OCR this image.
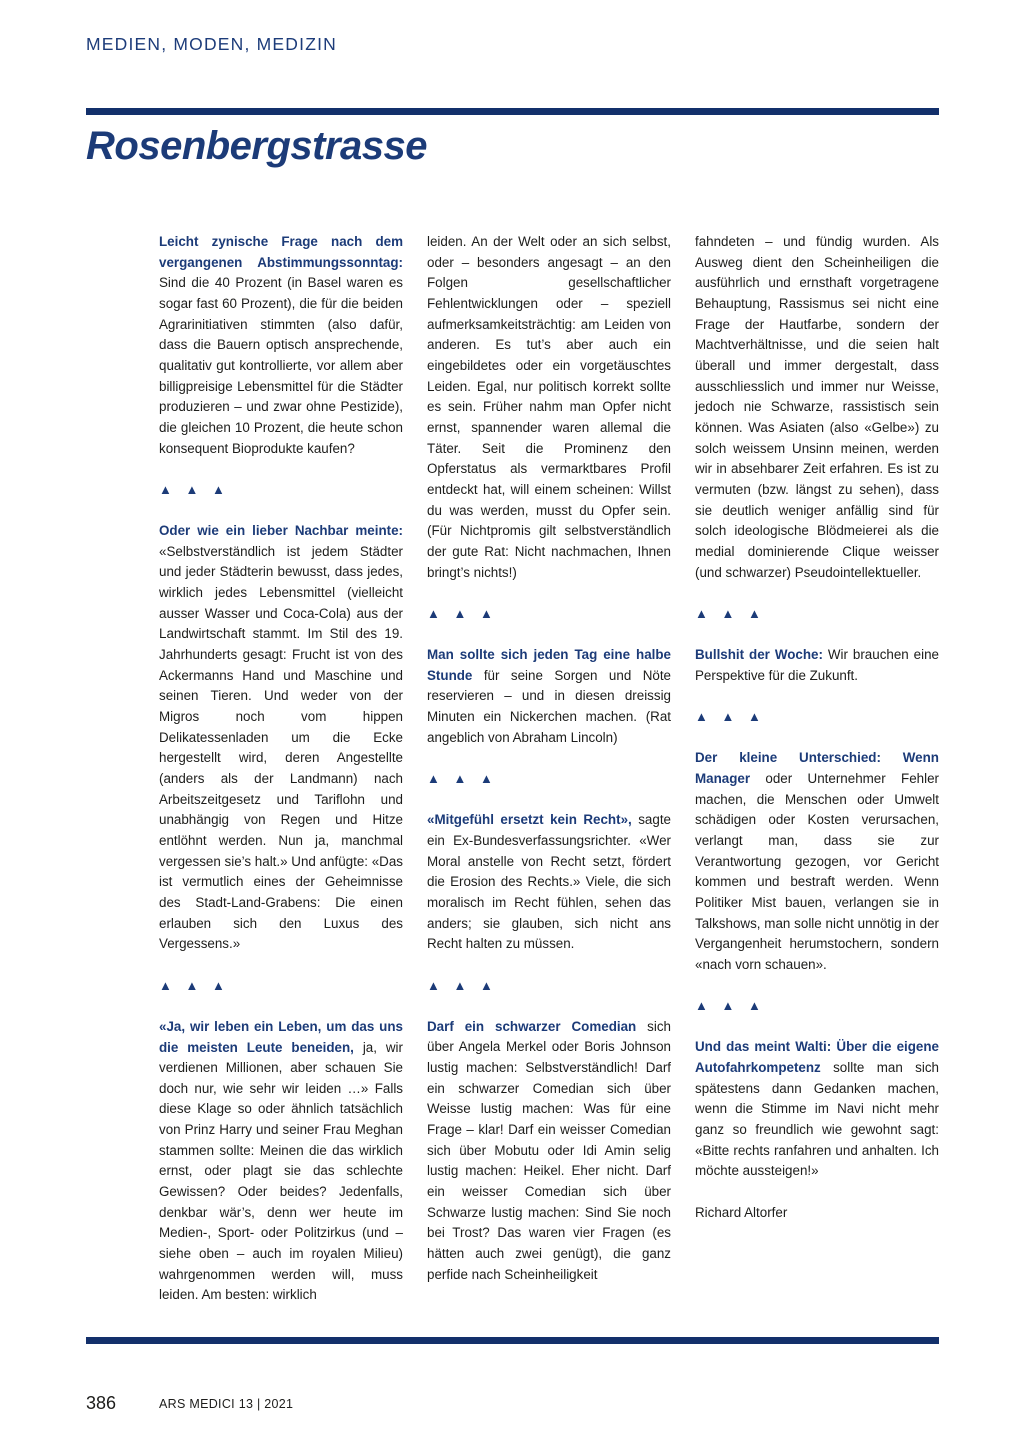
MEDIEN, MODEN, MEDIZIN
Rosenbergstrasse

Leicht zynische Frage nach dem vergangenen Abstimmungssonntag: Sind die 40 Prozent (in Basel waren es sogar fast 60 Prozent), die für die beiden Agrarinitiativen stimmten (also dafür, dass die Bauern optisch ansprechende, qualitativ gut kontrollierte, vor allem aber billigpreisige Lebensmittel für die Städter produzieren – und zwar ohne Pestizide), die gleichen 10 Prozent, die heute schon konsequent Bioprodukte kaufen?

▲ ▲ ▲

Oder wie ein lieber Nachbar meinte: «Selbstverständlich ist jedem Städter und jeder Städterin bewusst, dass jedes, wirklich jedes Lebensmittel (vielleicht ausser Wasser und Coca-Cola) aus der Landwirtschaft stammt. Im Stil des 19. Jahrhunderts gesagt: Frucht ist von des Ackermanns Hand und Maschine und seinen Tieren. Und weder von der Migros noch vom hippen Delikatessenladen um die Ecke hergestellt wird, deren Angestellte (anders als der Landmann) nach Arbeitszeitgesetz und Tariflohn und unabhängig von Regen und Hitze entlöhnt werden. Nun ja, manchmal vergessen sie’s halt.» Und anfügte: «Das ist vermutlich eines der Geheimnisse des Stadt-Land-Grabens: Die einen erlauben sich den Luxus des Vergessens.»

▲ ▲ ▲

«Ja, wir leben ein Leben, um das uns die meisten Leute beneiden, ja, wir verdienen Millionen, aber schauen Sie doch nur, wie sehr wir leiden …» Falls diese Klage so oder ähnlich tatsächlich von Prinz Harry und seiner Frau Meghan stammen sollte: Meinen die das wirklich ernst, oder plagt sie das schlechte Gewissen? Oder beides? Jedenfalls, denkbar wär’s, denn wer heute im Medien-, Sport- oder Politzirkus (und – siehe oben – auch im royalen Milieu) wahrgenommen werden will, muss leiden. Am besten: wirklich

leiden. An der Welt oder an sich selbst, oder – besonders angesagt – an den Folgen gesellschaftlicher Fehlentwicklungen oder – speziell aufmerksamkeitsträchtig: am Leiden von anderen. Es tut’s aber auch ein eingebildetes oder ein vorgetäuschtes Leiden. Egal, nur politisch korrekt sollte es sein. Früher nahm man Opfer nicht ernst, spannender waren allemal die Täter. Seit die Prominenz den Opferstatus als vermarktbares Profil entdeckt hat, will einem scheinen: Willst du was werden, musst du Opfer sein. (Für Nichtpromis gilt selbstverständlich der gute Rat: Nicht nachmachen, Ihnen bringt’s nichts!)

▲ ▲ ▲

Man sollte sich jeden Tag eine halbe Stunde für seine Sorgen und Nöte reservieren – und in diesen dreissig Minuten ein Nickerchen machen. (Rat angeblich von Abraham Lincoln)

▲ ▲ ▲

«Mitgefühl ersetzt kein Recht», sagte ein Ex-Bundesverfassungsrichter. «Wer Moral anstelle von Recht setzt, fördert die Erosion des Rechts.» Viele, die sich moralisch im Recht fühlen, sehen das anders; sie glauben, sich nicht ans Recht halten zu müssen.

▲ ▲ ▲

Darf ein schwarzer Comedian sich über Angela Merkel oder Boris Johnson lustig machen: Selbstverständlich! Darf ein schwarzer Comedian sich über Weisse lustig machen: Was für eine Frage – klar! Darf ein weisser Comedian sich über Mobutu oder Idi Amin selig lustig machen: Heikel. Eher nicht. Darf ein weisser Comedian sich über Schwarze lustig machen: Sind Sie noch bei Trost? Das waren vier Fragen (es hätten auch zwei genügt), die ganz perfide nach Scheinheiligkeit

fahndeten – und fündig wurden. Als Ausweg dient den Scheinheiligen die ausführlich und ernsthaft vorgetragene Behauptung, Rassismus sei nicht eine Frage der Hautfarbe, sondern der Machtverhältnisse, und die seien halt überall und immer dergestalt, dass ausschliesslich und immer nur Weisse, jedoch nie Schwarze, rassistisch sein können. Was Asiaten (also «Gelbe») zu solch weissem Unsinn meinen, werden wir in absehbarer Zeit erfahren. Es ist zu vermuten (bzw. längst zu sehen), dass sie deutlich weniger anfällig sind für solch ideologische Blödmeierei als die medial dominierende Clique weisser (und schwarzer) Pseudointellektueller.

▲ ▲ ▲

Bullshit der Woche: Wir brauchen eine Perspektive für die Zukunft.

▲ ▲ ▲

Der kleine Unterschied: Wenn Manager oder Unternehmer Fehler machen, die Menschen oder Umwelt schädigen oder Kosten verursachen, verlangt man, dass sie zur Verantwortung gezogen, vor Gericht kommen und bestraft werden. Wenn Politiker Mist bauen, verlangen sie in Talkshows, man solle nicht unnötig in der Vergangenheit herumstochern, sondern «nach vorn schauen».

▲ ▲ ▲

Und das meint Walti: Über die eigene Autofahrkompetenz sollte man sich spätestens dann Gedanken machen, wenn die Stimme im Navi nicht mehr ganz so freundlich wie gewohnt sagt: «Bitte rechts ranfahren und anhalten. Ich möchte aussteigen!»

Richard Altorfer

386	ARS MEDICI 13 | 2021
